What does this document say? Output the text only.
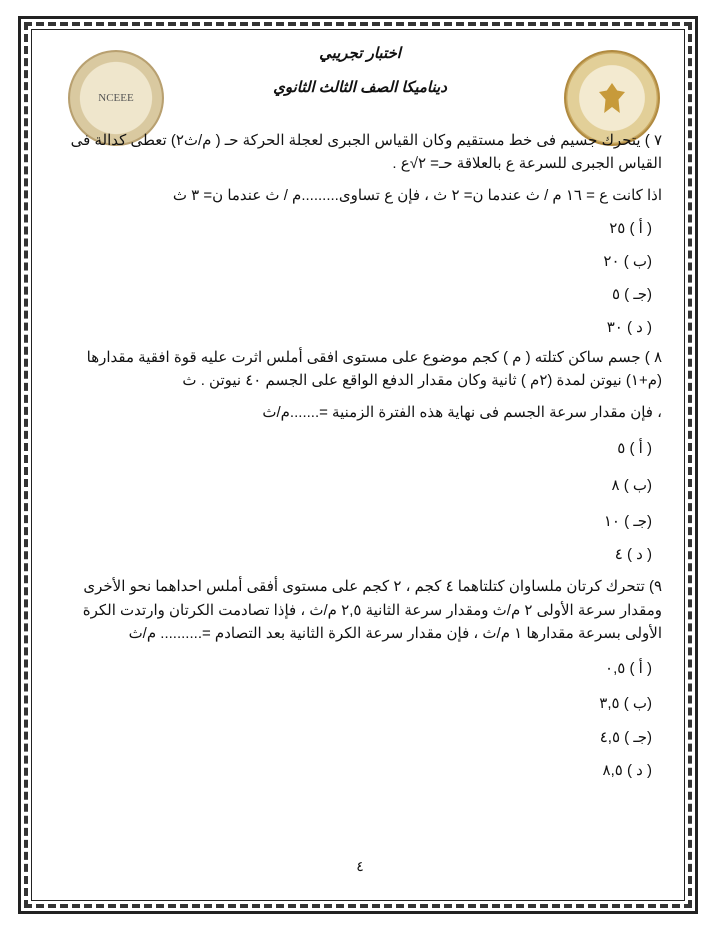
NCEEE
اختبار تجريبي
ديناميكا الصف الثالث الثانوي
٧ ) يتحرك جسيم فى خط مستقيم وكان القياس الجبرى لعجلة الحركة حـ ( م/ث٢) تعطى كدالة فى
القياس الجبرى للسرعة ع بالعلاقة حـ= ٢√ع .
اذا كانت ع = ١٦ م / ث عندما ن= ٢ ث ، فإن ع تساوى.........م / ث عندما ن= ٣ ث
( أ ) ٢٥
(ب ) ٢٠
(جـ ) ٥
( د ) ٣٠
٨ ) جسم ساكن كتلته ( م ) كجم موضوع على مستوى افقى أملس اثرت عليه قوة افقية مقدارها
(م+١) نيوتن لمدة (٢م ) ثانية وكان مقدار الدفع الواقع على الجسم ٤٠ نيوتن . ث
، فإن مقدار سرعة الجسم فى نهاية هذه الفترة الزمنية =.......م/ث
( أ ) ٥
(ب ) ٨
(جـ ) ١٠
( د ) ٤
٩) تتحرك كرتان ملساوان كتلتاهما ٤ كجم ، ٢ كجم على مستوى أفقى أملس احداهما نحو الأخرى
ومقدار سرعة الأولى ٢ م/ث ومقدار سرعة الثانية ٢,٥ م/ث ، فإذا تصادمت الكرتان وارتدت الكرة
الأولى بسرعة مقدارها ١ م/ث ، فإن مقدار سرعة الكرة الثانية بعد التصادم =.......... م/ث
( أ ) ٠,٥
(ب ) ٣,٥
(جـ ) ٤,٥
( د ) ٨,٥
٤
